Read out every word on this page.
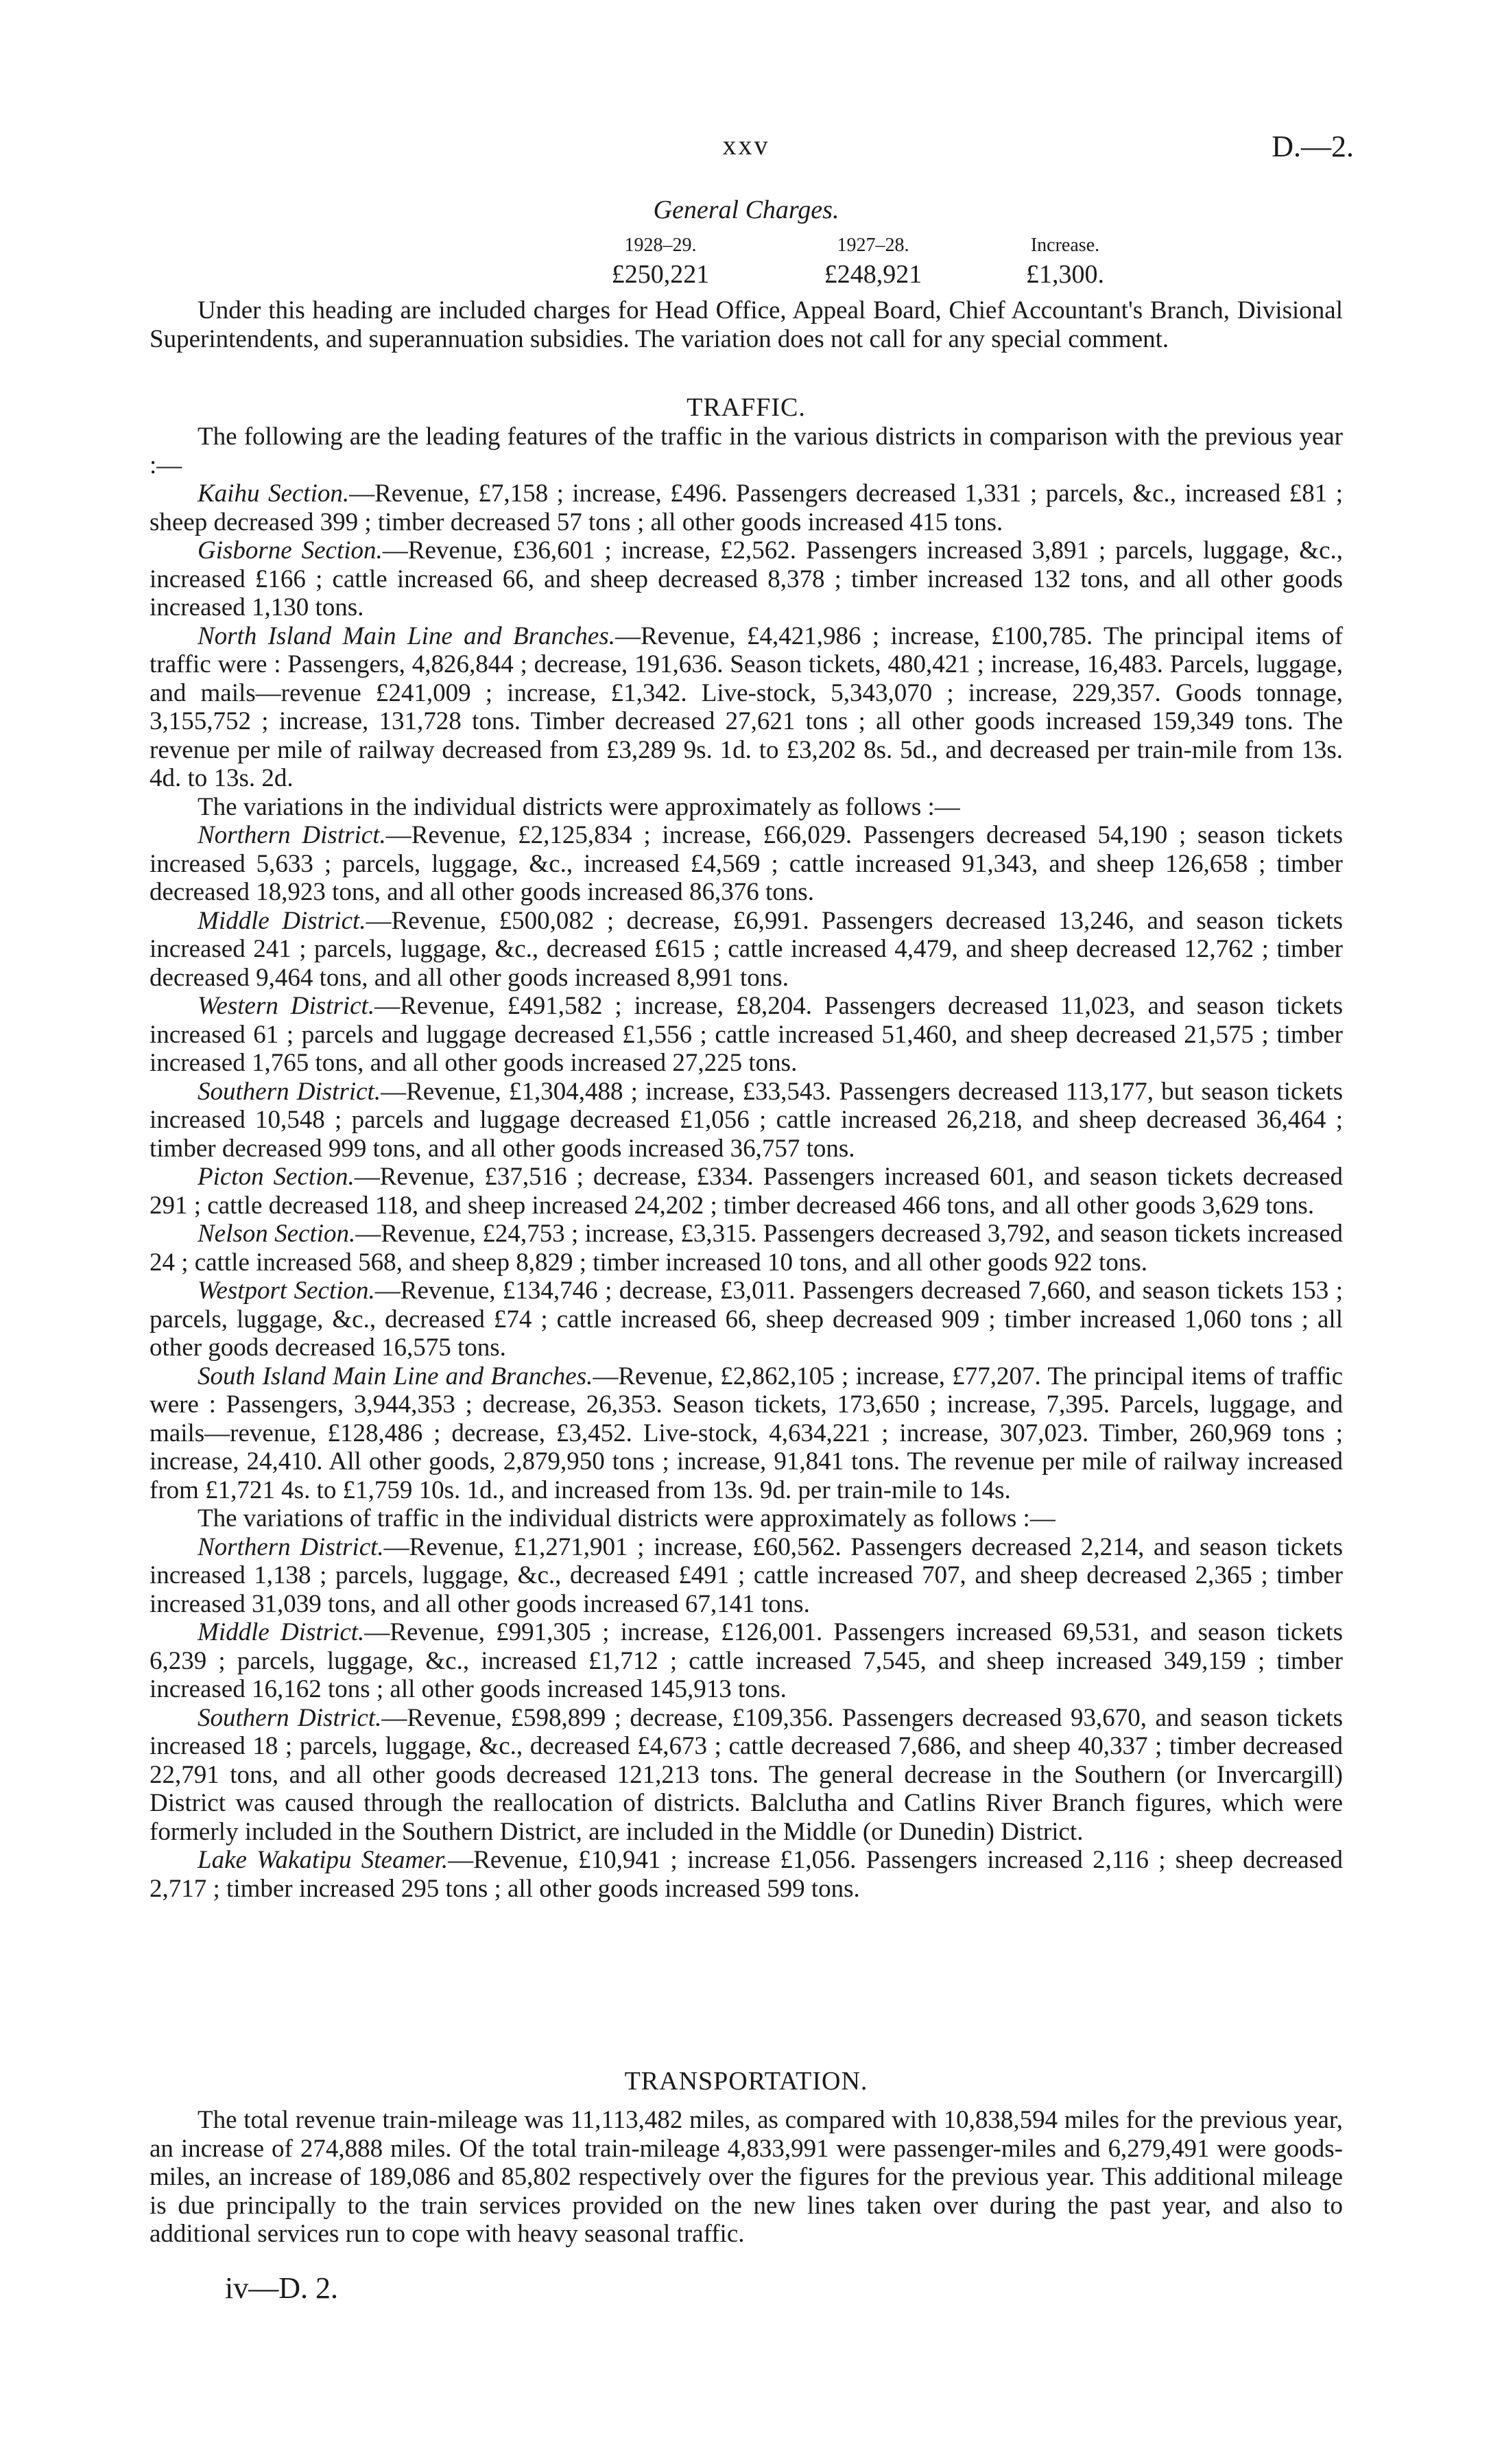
xxv	D.—2.
General Charges.
1928–29.
£250,221
1927–28.
£248,921
Increase.
£1,300.

Under this heading are included charges for Head Office, Appeal Board, Chief Accountant's Branch, Divisional Superintendents, and superannuation subsidies. The variation does not call for any special comment.

TRAFFIC.

The following are the leading features of the traffic in the various districts in comparison with the previous year :—

Kaihu Section.—Revenue, £7,158 ; increase, £496. Passengers decreased 1,331 ; parcels, &c., increased £81 ; sheep decreased 399 ; timber decreased 57 tons ; all other goods increased 415 tons.

Gisborne Section.—Revenue, £36,601 ; increase, £2,562. Passengers increased 3,891 ; parcels, luggage, &c., increased £166 ; cattle increased 66, and sheep decreased 8,378 ; timber increased 132 tons, and all other goods increased 1,130 tons.

North Island Main Line and Branches.—Revenue, £4,421,986 ; increase, £100,785. The principal items of traffic were : Passengers, 4,826,844 ; decrease, 191,636. Season tickets, 480,421 ; increase, 16,483. Parcels, luggage, and mails—revenue £241,009 ; increase, £1,342. Live-stock, 5,343,070 ; increase, 229,357. Goods tonnage, 3,155,752 ; increase, 131,728 tons. Timber decreased 27,621 tons ; all other goods increased 159,349 tons. The revenue per mile of railway decreased from £3,289 9s. 1d. to £3,202 8s. 5d., and decreased per train-mile from 13s. 4d. to 13s. 2d.

The variations in the individual districts were approximately as follows :—

Northern District.—Revenue, £2,125,834 ; increase, £66,029. Passengers decreased 54,190 ; season tickets increased 5,633 ; parcels, luggage, &c., increased £4,569 ; cattle increased 91,343, and sheep 126,658 ; timber decreased 18,923 tons, and all other goods increased 86,376 tons.

Middle District.—Revenue, £500,082 ; decrease, £6,991. Passengers decreased 13,246, and season tickets increased 241 ; parcels, luggage, &c., decreased £615 ; cattle increased 4,479, and sheep decreased 12,762 ; timber decreased 9,464 tons, and all other goods increased 8,991 tons.

Western District.—Revenue, £491,582 ; increase, £8,204. Passengers decreased 11,023, and season tickets increased 61 ; parcels and luggage decreased £1,556 ; cattle increased 51,460, and sheep decreased 21,575 ; timber increased 1,765 tons, and all other goods increased 27,225 tons.

Southern District.—Revenue, £1,304,488 ; increase, £33,543. Passengers decreased 113,177, but season tickets increased 10,548 ; parcels and luggage decreased £1,056 ; cattle increased 26,218, and sheep decreased 36,464 ; timber decreased 999 tons, and all other goods increased 36,757 tons.

Picton Section.—Revenue, £37,516 ; decrease, £334. Passengers increased 601, and season tickets decreased 291 ; cattle decreased 118, and sheep increased 24,202 ; timber decreased 466 tons, and all other goods 3,629 tons.

Nelson Section.—Revenue, £24,753 ; increase, £3,315. Passengers decreased 3,792, and season tickets increased 24 ; cattle increased 568, and sheep 8,829 ; timber increased 10 tons, and all other goods 922 tons.

Westport Section.—Revenue, £134,746 ; decrease, £3,011. Passengers decreased 7,660, and season tickets 153 ; parcels, luggage, &c., decreased £74 ; cattle increased 66, sheep decreased 909 ; timber increased 1,060 tons ; all other goods decreased 16,575 tons.

South Island Main Line and Branches.—Revenue, £2,862,105 ; increase, £77,207. The principal items of traffic were : Passengers, 3,944,353 ; decrease, 26,353. Season tickets, 173,650 ; increase, 7,395. Parcels, luggage, and mails—revenue, £128,486 ; decrease, £3,452. Live-stock, 4,634,221 ; increase, 307,023. Timber, 260,969 tons ; increase, 24,410. All other goods, 2,879,950 tons ; increase, 91,841 tons. The revenue per mile of railway increased from £1,721 4s. to £1,759 10s. 1d., and increased from 13s. 9d. per train-mile to 14s.

The variations of traffic in the individual districts were approximately as follows :—

Northern District.—Revenue, £1,271,901 ; increase, £60,562. Passengers decreased 2,214, and season tickets increased 1,138 ; parcels, luggage, &c., decreased £491 ; cattle increased 707, and sheep decreased 2,365 ; timber increased 31,039 tons, and all other goods increased 67,141 tons.

Middle District.—Revenue, £991,305 ; increase, £126,001. Passengers increased 69,531, and season tickets 6,239 ; parcels, luggage, &c., increased £1,712 ; cattle increased 7,545, and sheep increased 349,159 ; timber increased 16,162 tons ; all other goods increased 145,913 tons.

Southern District.—Revenue, £598,899 ; decrease, £109,356. Passengers decreased 93,670, and season tickets increased 18 ; parcels, luggage, &c., decreased £4,673 ; cattle decreased 7,686, and sheep 40,337 ; timber decreased 22,791 tons, and all other goods decreased 121,213 tons. The general decrease in the Southern (or Invercargill) District was caused through the reallocation of districts. Balclutha and Catlins River Branch figures, which were formerly included in the Southern District, are included in the Middle (or Dunedin) District.

Lake Wakatipu Steamer.—Revenue, £10,941 ; increase £1,056. Passengers increased 2,116 ; sheep decreased 2,717 ; timber increased 295 tons ; all other goods increased 599 tons.

TRANSPORTATION.

The total revenue train-mileage was 11,113,482 miles, as compared with 10,838,594 miles for the previous year, an increase of 274,888 miles. Of the total train-mileage 4,833,991 were passenger-miles and 6,279,491 were goods-miles, an increase of 189,086 and 85,802 respectively over the figures for the previous year. This additional mileage is due principally to the train services provided on the new lines taken over during the past year, and also to additional services run to cope with heavy seasonal traffic.

iv—D. 2.
